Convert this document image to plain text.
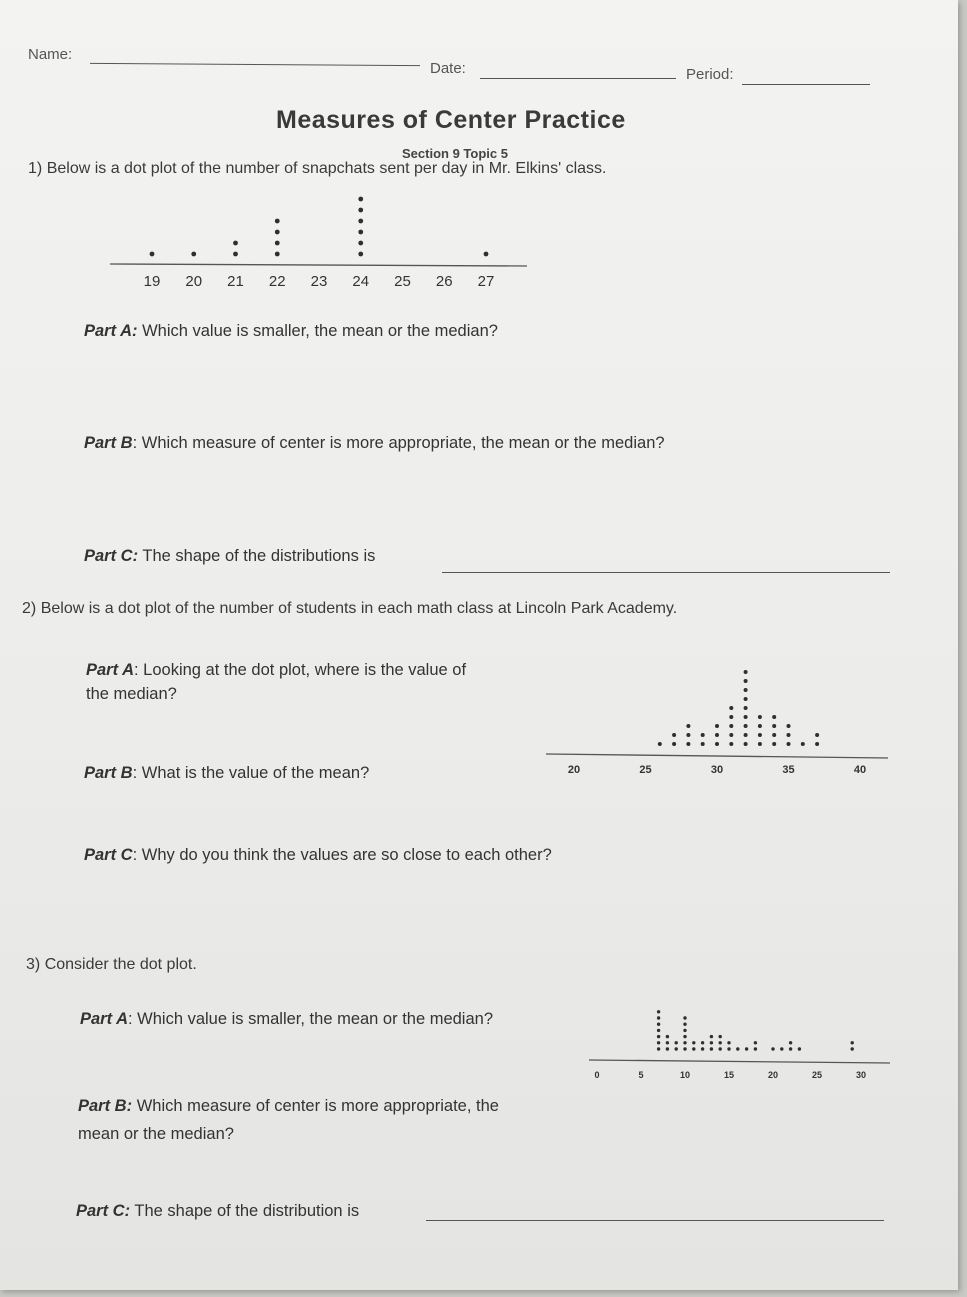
Name:
Date:	Period:
Measures of Center Practice
Section 9 Topic 5
1) Below is a dot plot of the number of snapchats sent per day in Mr. Elkins' class.
19 20 21 22 23 24 25 26 27
Part A: Which value is smaller, the mean or the median?
Part B: Which measure of center is more appropriate, the mean or the median?
Part C: The shape of the distributions is
2) Below is a dot plot of the number of students in each math class at Lincoln Park Academy.
Part A: Looking at the dot plot, where is the value of
the median?
20	25	30	35	40
Part B: What is the value of the mean?
Part C: Why do you think the values are so close to each other?
3) Consider the dot plot.
0	5	10	15	20	25	30
Part A: Which value is smaller, the mean or the median?
Part B: Which measure of center is more appropriate, the
mean or the median?
Part C: The shape of the distribution is
